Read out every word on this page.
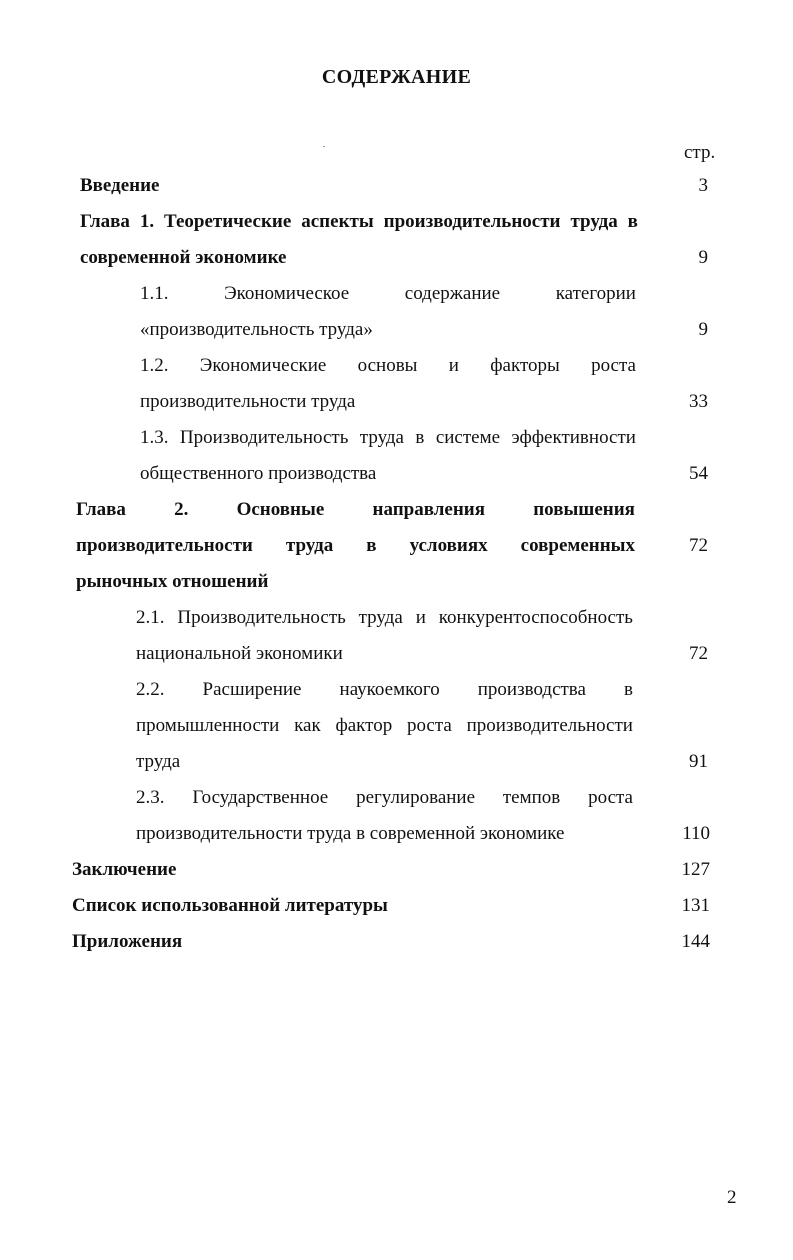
СОДЕРЖАНИЕ
стр.
Введение	3
Глава 1. Теоретические аспекты производительности труда в
современной экономике	9
1.1.	Экономическое	содержание	категории
«производительность труда»	9
1.2. Экономические основы и факторы роста
производительности труда	33
1.3. Производительность труда в системе эффективности
общественного производства	54
Глава	2.	Основные	направления	повышения
производительности труда в условиях современных	72
рыночных отношений
2.1. Производительность труда и конкурентоспособность
национальной экономики	72
2.2. Расширение наукоемкого производства в
промышленности как фактор роста производительности
труда	91
2.3. Государственное регулирование темпов роста
производительности труда в современной экономике	110
Заключение	127
Список использованной литературы	131
Приложения	144
2
